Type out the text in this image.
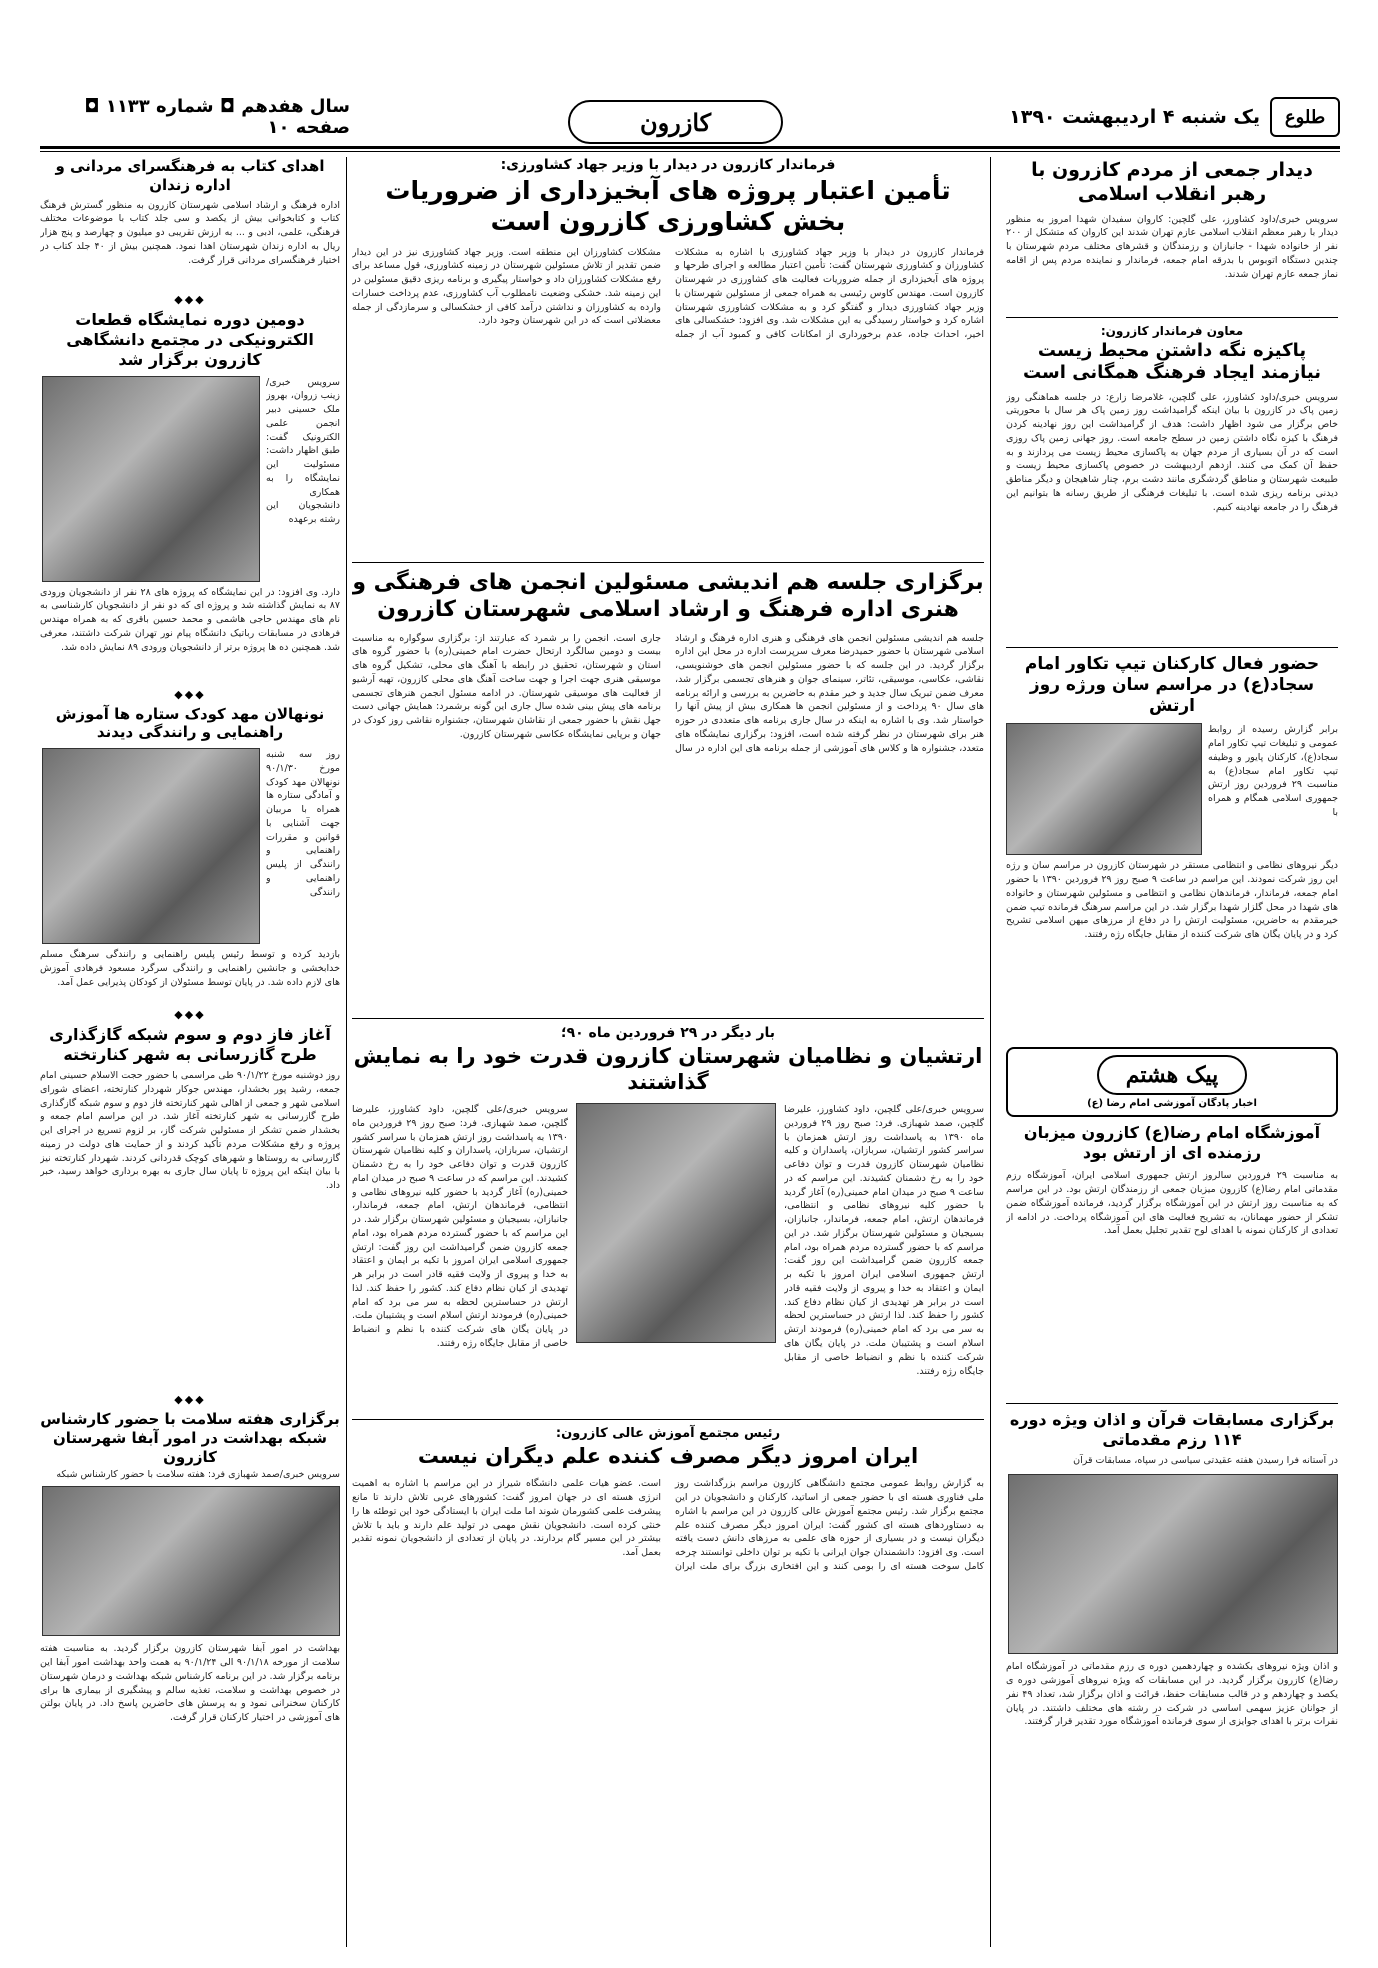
طلوع
یک شنبه ۴ اردیبهشت ۱۳۹۰
سال هفدهم ◘ شماره ۱۱۳۳ ◘ صفحه ۱۰	کازرون
دیدار جمعی از مردم کازرون با رهبر انقلاب اسلامی
سرویس خبری/داود کشاورز، علی گلچین: کاروان سفیدان شهدا امروز به منظور دیدار با رهبر معظم انقلاب اسلامی عازم تهران شدند این کاروان که متشکل از ۲۰۰ نفر از خانواده شهدا - جانبازان و رزمندگان و قشرهای مختلف مردم شهرستان با چندین دستگاه اتوبوس با بدرقه امام جمعه، فرماندار و نماینده مردم پس از اقامه نماز جمعه عازم تهران شدند.
معاون فرماندار کازرون:
پاکیزه نگه داشتن محیط زیست نیازمند ایجاد فرهنگ همگانی است
سرویس خبری/داود کشاورز، علی گلچین، غلامرضا زارع: در جلسه هماهنگی روز زمین پاک در کازرون با بیان اینکه گرامیداشت روز زمین پاک هر سال با محوریتی خاص برگزار می شود اظهار داشت: هدف از گرامیداشت این روز نهادینه کردن فرهنگ با کیزه نگاه داشتن زمین در سطح جامعه است. روز جهانی زمین پاک روزی است که در آن بسیاری از مردم جهان به پاکسازی محیط زیست می پردازند و به حفظ آن کمک می کنند. ازدهم اردیبهشت در خصوص پاکسازی محیط زیست و طبیعت شهرستان و مناطق گردشگری مانند دشت برم، چنار شاهیجان و دیگر مناطق دیدنی برنامه ریزی شده است. با تبلیغات فرهنگی از طریق رسانه ها بتوانیم این فرهنگ را در جامعه نهادینه کنیم.
حضور فعال کارکنان تیپ تکاور امام سجاد(ع) در مراسم سان ورژه روز ارتش
برابر گزارش رسیده از روابط عمومی و تبلیغات تیپ تکاور امام سجاد(ع)، کارکنان پایور و وظیفه تیپ تکاور امام سجاد(ع) به مناسبت ۲۹ فروردین روز ارتش جمهوری اسلامی همگام و همراه با
دیگر نیروهای نظامی و انتظامی مستقر در شهرستان کازرون در مراسم سان و رژه این روز شرکت نمودند. این مراسم در ساعت ۹ صبح روز ۲۹ فروردین ۱۳۹۰ با حضور امام جمعه، فرماندار، فرماندهان نظامی و انتظامی و مسئولین شهرستان و خانواده های شهدا در محل گلزار شهدا برگزار شد. در این مراسم سرهنگ فرمانده تیپ ضمن خیرمقدم به حاضرین، مسئولیت ارتش را در دفاع از مرزهای میهن اسلامی تشریح کرد و در پایان یگان های شرکت کننده از مقابل جایگاه رژه رفتند.
پیک هشتم
اخبار پادگان آموزشی امام رضا (ع)
آموزشگاه امام رضا(ع) کازرون میزبان رزمنده ای از ارتش بود
به مناسبت ۲۹ فروردین سالروز ارتش جمهوری اسلامی ایران، آموزشگاه رزم مقدماتی امام رضا(ع) کازرون میزبان جمعی از رزمندگان ارتش بود. در این مراسم که به مناسبت روز ارتش در این آموزشگاه برگزار گردید، فرمانده آموزشگاه ضمن تشکر از حضور مهمانان، به تشریح فعالیت های این آموزشگاه پرداخت. در ادامه از تعدادی از کارکنان نمونه با اهدای لوح تقدیر تجلیل بعمل آمد.
برگزاری مسابقات قرآن و اذان ویژه دوره ۱۱۴ رزم مقدماتی
در آستانه فرا رسیدن هفته عقیدتی سیاسی در سپاه، مسابقات قرآن
و اذان ویژه نیروهای بکشده و چهاردهمین دوره ی رزم مقدماتی در آموزشگاه امام رضا(ع) کازرون برگزار گردید. در این مسابقات که ویژه نیروهای آموزشی دوره ی یکصد و چهاردهم و در قالب مسابقات حفظ، قرائت و اذان برگزار شد، تعداد ۴۹ نفر از جوانان عزیز سهمی اساسی در شرکت در رشته های مختلف داشتند. در پایان نفرات برتر با اهدای جوایزی از سوی فرمانده آموزشگاه مورد تقدیر قرار گرفتند.
فرماندار کازرون در دیدار با وزیر جهاد کشاورزی:
تأمین اعتبار پروژه های آبخیزداری از ضروریات بخش کشاورزی کازرون است
فرماندار کازرون در دیدار با وزیر جهاد کشاورزی با اشاره به مشکلات کشاورزان و کشاورزی شهرستان گفت: تأمین اعتبار مطالعه و اجرای طرحها و پروژه های آبخیزداری از جمله ضروریات فعالیت های کشاورزی در شهرستان کازرون است. مهندس کاوس رئیسی به همراه جمعی از مسئولین شهرستان با وزیر جهاد کشاورزی دیدار و گفتگو کرد و به مشکلات کشاورزی شهرستان اشاره کرد و خواستار رسیدگی به این مشکلات شد. وی افزود: خشکسالی های اخیر، احداث جاده، عدم برخورداری از امکانات کافی و کمبود آب از جمله مشکلات کشاورزان این منطقه است. وزیر جهاد کشاورزی نیز در این دیدار ضمن تقدیر از تلاش مسئولین شهرستان در زمینه کشاورزی، قول مساعد برای رفع مشکلات کشاورزان داد و خواستار پیگیری و برنامه ریزی دقیق مسئولین در این زمینه شد. خشکی وضعیت نامطلوب آب کشاورزی، عدم پرداخت خسارات وارده به کشاورزان و نداشتن درآمد کافی از خشکسالی و سرمازدگی از جمله معضلاتی است که در این شهرستان وجود دارد.
برگزاری جلسه هم اندیشی مسئولین انجمن های فرهنگی و هنری اداره فرهنگ و ارشاد اسلامی شهرستان کازرون
جلسه هم اندیشی مسئولین انجمن های فرهنگی و هنری اداره فرهنگ و ارشاد اسلامی شهرستان با حضور حمیدرضا معرف سرپرست اداره در محل این اداره برگزار گردید. در این جلسه که با حضور مسئولین انجمن های خوشنویسی، نقاشی، عکاسی، موسیقی، تئاتر، سینمای جوان و هنرهای تجسمی برگزار شد، معرف ضمن تبریک سال جدید و خیر مقدم به حاضرین به بررسی و ارائه برنامه های سال ۹۰ پرداخت و از مسئولین انجمن ها همکاری بیش از پیش آنها را خواستار شد. وی با اشاره به اینکه در سال جاری برنامه های متعددی در حوزه هنر برای شهرستان در نظر گرفته شده است، افزود: برگزاری نمایشگاه های متعدد، جشنواره ها و کلاس های آموزشی از جمله برنامه های این اداره در سال جاری است. انجمن را بر شمرد که عبارتند از: برگزاری سوگواره به مناسبت بیست و دومین سالگرد ارتحال حضرت امام خمینی(ره) با حضور گروه های استان و شهرستان، تحقیق در رابطه با آهنگ های محلی، تشکیل گروه های موسیقی هنری جهت اجرا و جهت ساخت آهنگ های محلی کازرون، تهیه آرشیو از فعالیت های موسیقی شهرستان. در ادامه مسئول انجمن هنرهای تجسمی برنامه های پیش بینی شده سال جاری این گونه برشمرد: همایش جهانی دست جهل نقش با حضور جمعی از نقاشان شهرستان، جشنواره نقاشی روز کودک در جهان و برپایی نمایشگاه عکاسی شهرستان کازرون.
بار دیگر در ۲۹ فروردین ماه ۹۰؛
ارتشیان و نظامیان شهرستان کازرون قدرت خود را به نمایش گذاشتند
سرویس خبری/علی گلچین، داود کشاورز، علیرضا گلچین، صمد شهبازی. فرد: صبح روز ۲۹ فروردین ماه ۱۳۹۰ به پاسداشت روز ارتش همزمان با سراسر کشور ارتشیان، سربازان، پاسداران و کلیه نظامیان شهرستان کازرون قدرت و توان دفاعی خود را به رخ دشمنان کشیدند. این مراسم که در ساعت ۹ صبح در میدان امام خمینی(ره) آغاز گردید با حضور کلیه نیروهای نظامی و انتظامی، فرماندهان ارتش، امام جمعه، فرماندار، جانبازان، بسیجیان و مسئولین شهرستان برگزار شد. در این مراسم که با حضور گسترده مردم همراه بود، امام جمعه کازرون ضمن گرامیداشت این روز گفت: ارتش جمهوری اسلامی ایران امروز با تکیه بر ایمان و اعتقاد به خدا و پیروی از ولایت فقیه قادر است در برابر هر تهدیدی از کیان نظام دفاع کند. کشور را حفظ کند. لذا ارتش در حساسترین لحظه به سر می برد که امام خمینی(ره) فرمودند ارتش اسلام است و پشتیبان ملت. در پایان یگان های شرکت کننده با نظم و انضباط خاصی از مقابل جایگاه رژه رفتند.
سرویس خبری/علی گلچین، داود کشاورز، علیرضا گلچین، صمد شهبازی. فرد: صبح روز ۲۹ فروردین ماه ۱۳۹۰ به پاسداشت روز ارتش همزمان با سراسر کشور ارتشیان، سربازان، پاسداران و کلیه نظامیان شهرستان کازرون قدرت و توان دفاعی خود را به رخ دشمنان کشیدند. این مراسم که در ساعت ۹ صبح در میدان امام خمینی(ره) آغاز گردید با حضور کلیه نیروهای نظامی و انتظامی، فرماندهان ارتش، امام جمعه، فرماندار، جانبازان، بسیجیان و مسئولین شهرستان برگزار شد. در این مراسم که با حضور گسترده مردم همراه بود، امام جمعه کازرون ضمن گرامیداشت این روز گفت: ارتش جمهوری اسلامی ایران امروز با تکیه بر ایمان و اعتقاد به خدا و پیروی از ولایت فقیه قادر است در برابر هر تهدیدی از کیان نظام دفاع کند. کشور را حفظ کند. لذا ارتش در حساسترین لحظه به سر می برد که امام خمینی(ره) فرمودند ارتش اسلام است و پشتیبان ملت. در پایان یگان های شرکت کننده با نظم و انضباط خاصی از مقابل جایگاه رژه رفتند.
رئیس مجتمع آموزش عالی کازرون:
ایران امروز دیگر مصرف کننده علم دیگران نیست
به گزارش روابط عمومی مجتمع دانشگاهی کازرون مراسم بزرگداشت روز ملی فناوری هسته ای با حضور جمعی از اساتید، کارکنان و دانشجویان در این مجتمع برگزار شد. رئیس مجتمع آموزش عالی کازرون در این مراسم با اشاره به دستاوردهای هسته ای کشور گفت: ایران امروز دیگر مصرف کننده علم دیگران نیست و در بسیاری از حوزه های علمی به مرزهای دانش دست یافته است. وی افزود: دانشمندان جوان ایرانی با تکیه بر توان داخلی توانستند چرخه کامل سوخت هسته ای را بومی کنند و این افتخاری بزرگ برای ملت ایران است. عضو هیات علمی دانشگاه شیراز در این مراسم با اشاره به اهمیت انرژی هسته ای در جهان امروز گفت: کشورهای غربی تلاش دارند تا مانع پیشرفت علمی کشورمان شوند اما ملت ایران با ایستادگی خود این توطئه ها را خنثی کرده است. دانشجویان نقش مهمی در تولید علم دارند و باید با تلاش بیشتر در این مسیر گام بردارند. در پایان از تعدادی از دانشجویان نمونه تقدیر بعمل آمد.
اهدای کتاب به فرهنگسرای مردانی و اداره زندان
اداره فرهنگ و ارشاد اسلامی شهرستان کازرون به منظور گسترش فرهنگ کتاب و کتابخوانی بیش از یکصد و سی جلد کتاب با موضوعات مختلف فرهنگی، علمی، ادبی و ... به ارزش تقریبی دو میلیون و چهارصد و پنج هزار ریال به اداره زندان شهرستان اهدا نمود. همچنین بیش از ۴۰ جلد کتاب در اختیار فرهنگسرای مردانی قرار گرفت.
◆◆◆
دومین دوره نمایشگاه قطعات الکترونیکی در مجتمع دانشگاهی کازرون برگزار شد
سرویس خبری/زینب زروان، بهروز ملک حسینی دبیر انجمن علمی الکترونیک گفت: طبق اظهار داشت: مسئولیت این نمایشگاه را به همکاری دانشجویان این رشته برعهده
دارد. وی افزود: در این نمایشگاه که پروژه های ۲۸ نفر از دانشجویان ورودی ۸۷ به نمایش گذاشته شد و پروژه ای که دو نفر از دانشجویان کارشناسی به نام های مهندس حاجی هاشمی و محمد حسین باقری که به همراه مهندس فرهادی در مسابقات رباتیک دانشگاه پیام نور تهران شرکت داشتند، معرفی شد. همچنین ده ها پروژه برتر از دانشجویان ورودی ۸۹ نمایش داده شد.
◆◆◆
نونهالان مهد کودک ستاره ها آموزش راهنمایی و رانندگی دیدند
روز سه شنبه مورخ ۹۰/۱/۳۰ نونهالان مهد کودک و آمادگی ستاره ها همراه با مربیان جهت آشنایی با قوانین و مقررات راهنمایی و رانندگی از پلیس راهنمایی و رانندگی
بازدید کرده و توسط رئیس پلیس راهنمایی و رانندگی سرهنگ مسلم خدابخشی و جانشین راهنمایی و رانندگی سرگرد مسعود فرهادی آموزش های لازم داده شد. در پایان توسط مسئولان از کودکان پذیرایی عمل آمد.
◆◆◆
آغاز فاز دوم و سوم شبکه گازگذاری طرح گازرسانی به شهر کنارتخته
روز دوشنبه مورخ ۹۰/۱/۲۲ طی مراسمی با حضور حجت الاسلام حسینی امام جمعه، رشید پور بخشدار، مهندس جوکار شهردار کنارتخته، اعضای شورای اسلامی شهر و جمعی از اهالی شهر کنارتخته فاز دوم و سوم شبکه گازگذاری طرح گازرسانی به شهر کنارتخته آغاز شد. در این مراسم امام جمعه و بخشدار ضمن تشکر از مسئولین شرکت گاز، بر لزوم تسریع در اجرای این پروژه و رفع مشکلات مردم تأکید کردند و از حمایت های دولت در زمینه گازرسانی به روستاها و شهرهای کوچک قدردانی کردند. شهردار کنارتخته نیز با بیان اینکه این پروژه تا پایان سال جاری به بهره برداری خواهد رسید، خبر داد.
◆◆◆
برگزاری هفته سلامت با حضور کارشناس شبکه بهداشت در امور آبفا شهرستان کازرون
سرویس خبری/صمد شهبازی فرد: هفته سلامت با حضور کارشناس شبکه
بهداشت در امور آبفا شهرستان کازرون برگزار گردید. به مناسبت هفته سلامت از مورخه ۹۰/۱/۱۸ الی ۹۰/۱/۲۴ به همت واحد بهداشت امور آبفا این برنامه برگزار شد. در این برنامه کارشناس شبکه بهداشت و درمان شهرستان در خصوص بهداشت و سلامت، تغذیه سالم و پیشگیری از بیماری ها برای کارکنان سخنرانی نمود و به پرسش های حاضرین پاسخ داد. در پایان بولتن های آموزشی در اختیار کارکنان قرار گرفت.
